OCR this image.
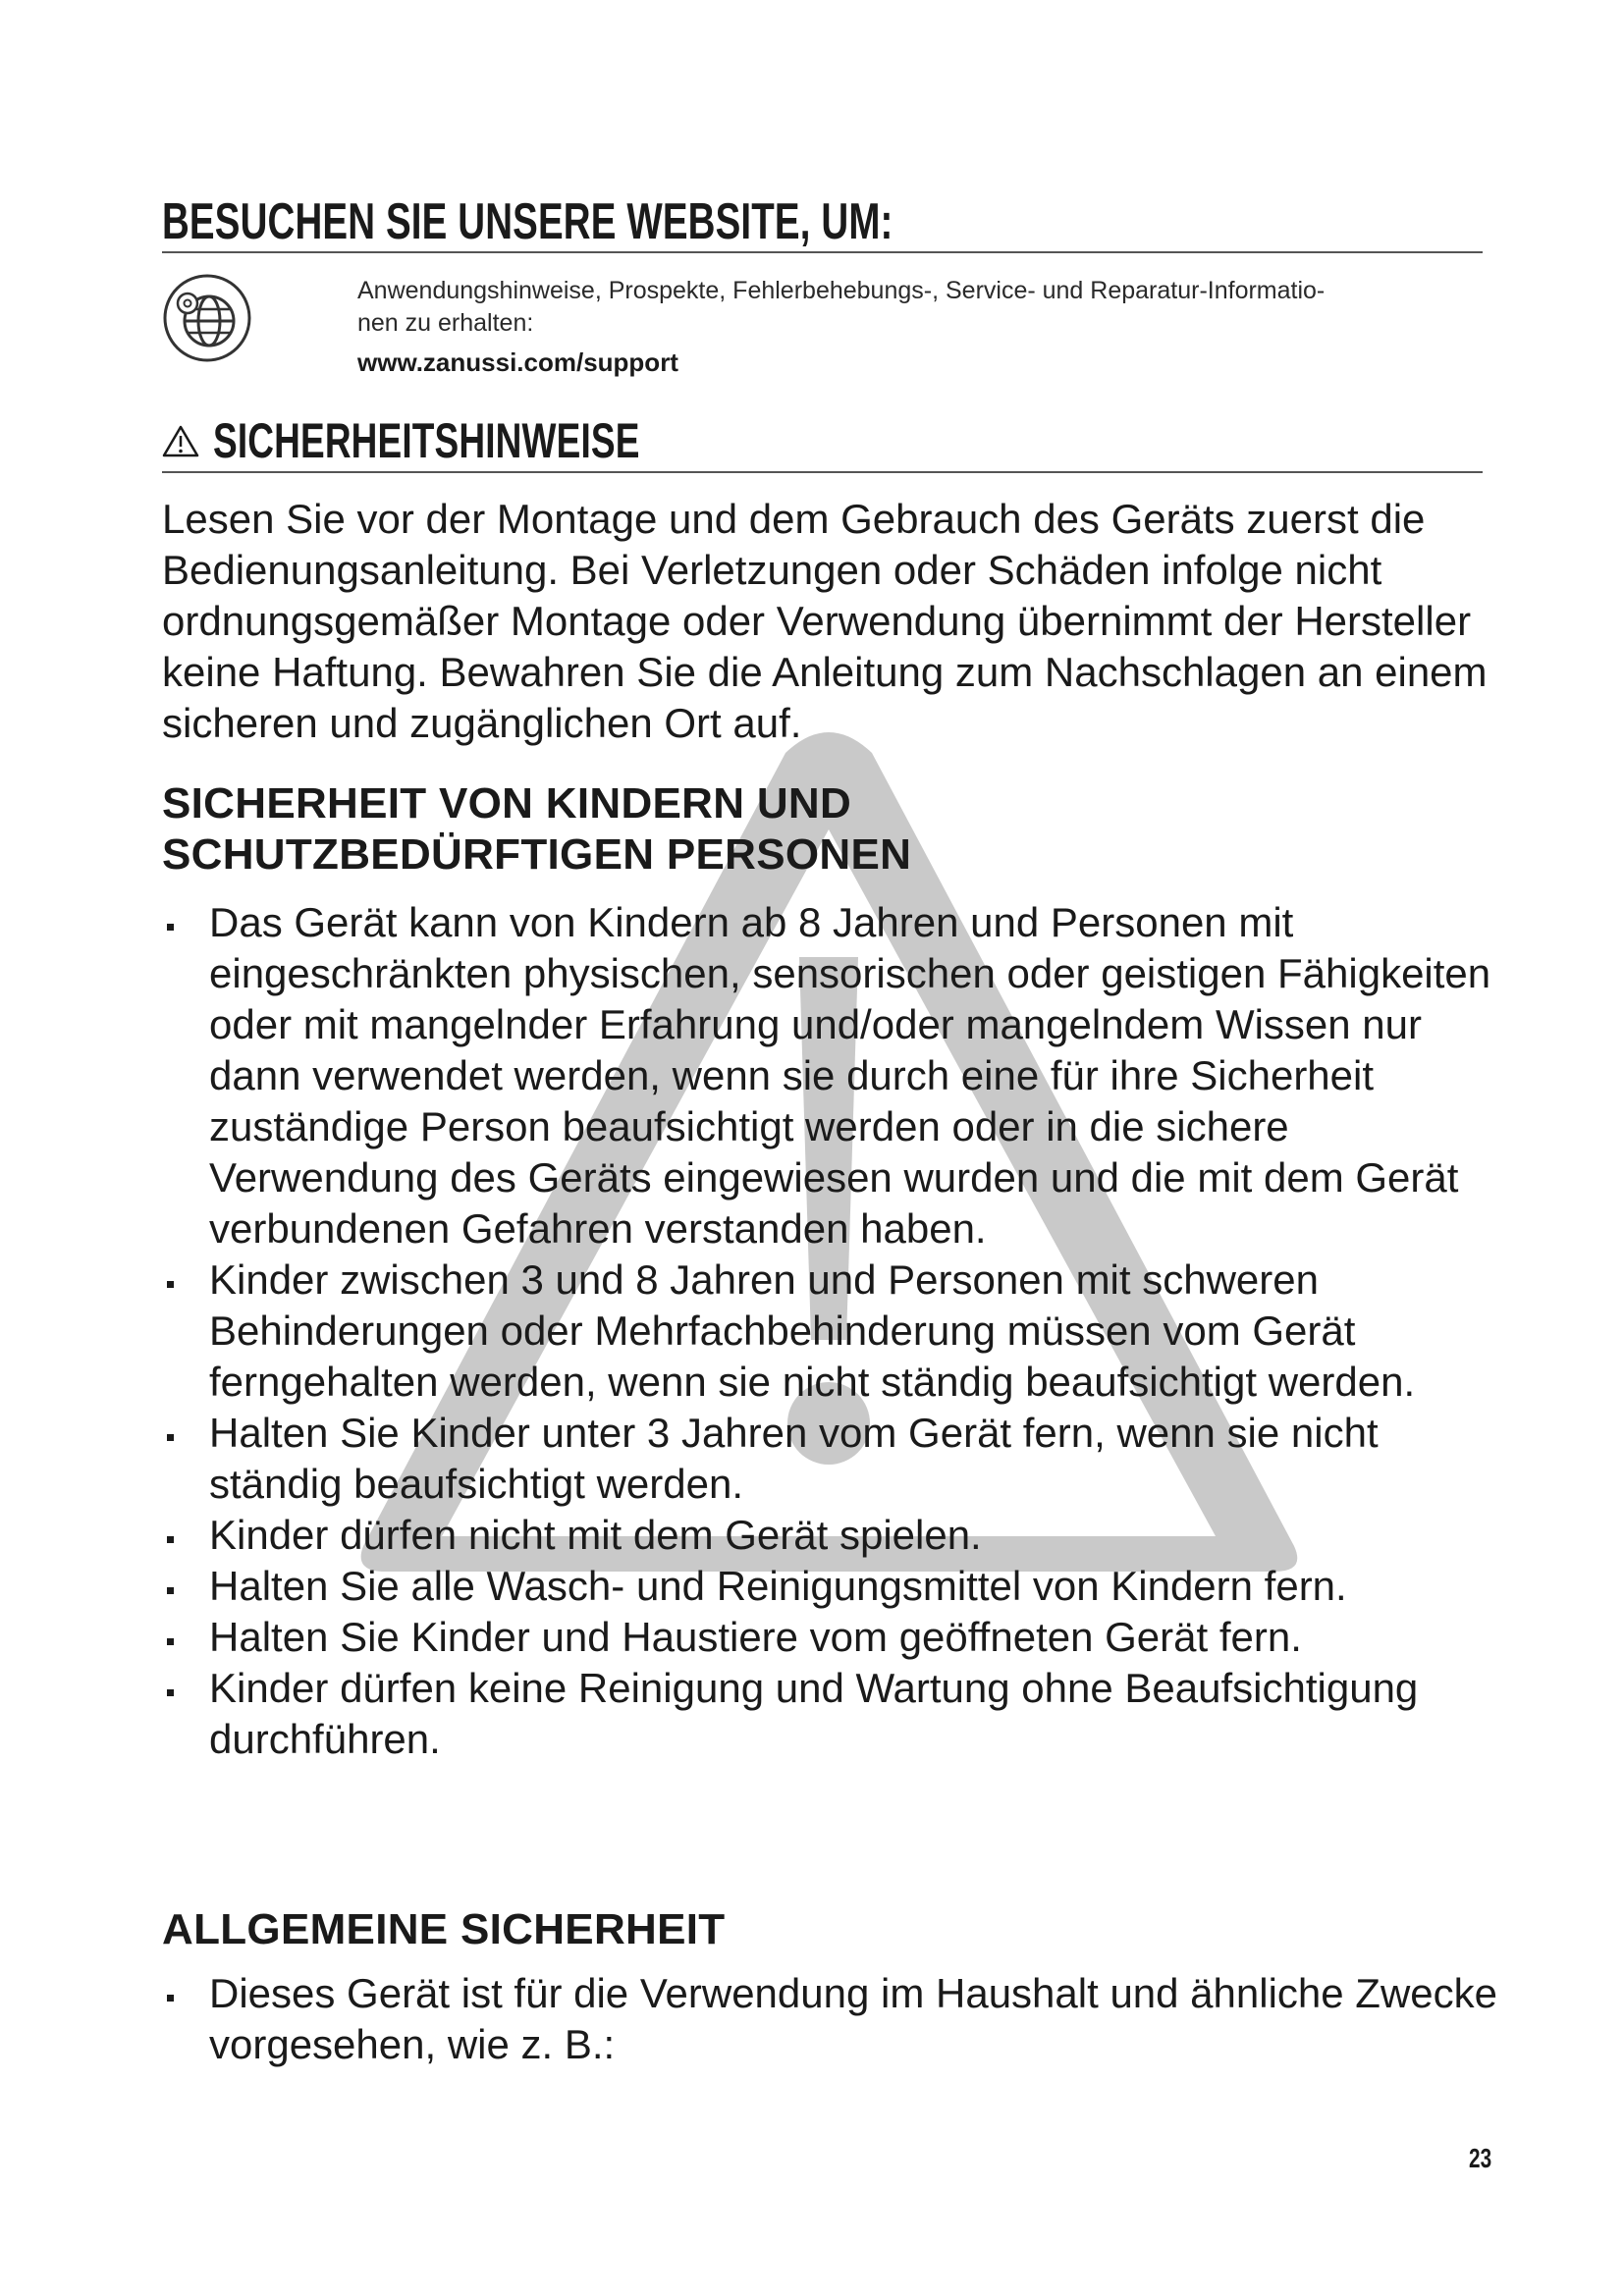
BESUCHEN SIE UNSERE WEBSITE, UM:
Anwendungshinweise, Prospekte, Fehlerbehebungs-, Service- und Reparatur-Informatio-
nen zu erhalten:
www.zanussi.com/support
SICHERHEITSHINWEISE
Lesen Sie vor der Montage und dem Gebrauch des Geräts zuerst die Bedienungsanleitung. Bei Verletzungen oder Schäden infolge nicht ordnungsgemäßer Montage oder Verwendung übernimmt der Hersteller keine Haftung. Bewahren Sie die Anleitung zum Nachschlagen an einem sicheren und zugänglichen Ort auf.
SICHERHEIT VON KINDERN UND
SCHUTZBEDÜRFTIGEN PERSONEN
Das Gerät kann von Kindern ab 8 Jahren und Personen mit eingeschränkten physischen, sensorischen oder geistigen Fähigkeiten oder mit mangelnder Erfahrung und/oder mangelndem Wissen nur dann verwendet werden, wenn sie durch eine für ihre Sicherheit zuständige Person beaufsichtigt werden oder in die sichere Verwendung des Geräts eingewiesen wurden und die mit dem Gerät verbundenen Gefahren verstanden haben.
Kinder zwischen 3 und 8 Jahren und Personen mit schweren Behinderungen oder Mehrfachbehinderung müssen vom Gerät ferngehalten werden, wenn sie nicht ständig beaufsichtigt werden.
Halten Sie Kinder unter 3 Jahren vom Gerät fern, wenn sie nicht ständig beaufsichtigt werden.
Kinder dürfen nicht mit dem Gerät spielen.
Halten Sie alle Wasch- und Reinigungsmittel von Kindern fern.
Halten Sie Kinder und Haustiere vom geöffneten Gerät fern.
Kinder dürfen keine Reinigung und Wartung ohne Beaufsichtigung durchführen.
ALLGEMEINE SICHERHEIT
Dieses Gerät ist für die Verwendung im Haushalt und ähnliche Zwecke vorgesehen, wie z. B.:
23
